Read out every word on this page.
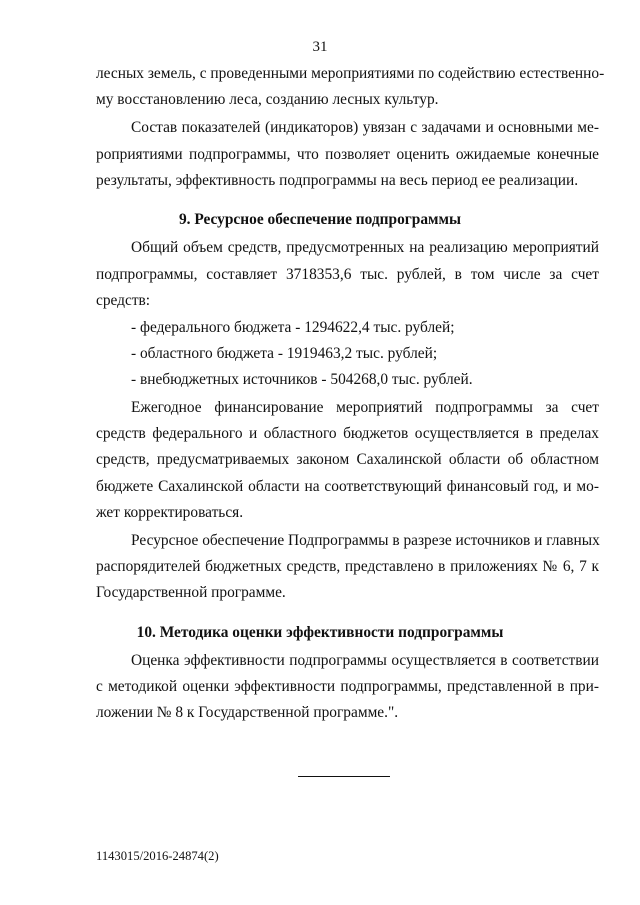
31
лесных земель, с проведенными мероприятиями по содействию естественно-
му восстановлению леса, созданию лесных культур.
Состав показателей (индикаторов) увязан с задачами и основными ме-
роприятиями подпрограммы, что позволяет оценить ожидаемые конечные
результаты, эффективность подпрограммы на весь период ее реализации.
9. Ресурсное обеспечение подпрограммы
Общий объем средств, предусмотренных на реализацию мероприятий
подпрограммы, составляет 3718353,6 тыс. рублей, в том числе за счет
средств:
- федерального бюджета - 1294622,4 тыс. рублей;
- областного бюджета - 1919463,2 тыс. рублей;
- внебюджетных источников - 504268,0 тыс. рублей.
Ежегодное финансирование мероприятий подпрограммы за счет
средств федерального и областного бюджетов осуществляется в пределах
средств, предусматриваемых законом Сахалинской области об областном
бюджете Сахалинской области на соответствующий финансовый год, и мо-
жет корректироваться.
Ресурсное обеспечение Подпрограммы в разрезе источников и главных
распорядителей бюджетных средств, представлено в приложениях № 6, 7 к
Государственной программе.
10. Методика оценки эффективности подпрограммы
Оценка эффективности подпрограммы осуществляется в соответствии
с методикой оценки эффективности подпрограммы, представленной в при-
ложении № 8 к Государственной программе.".
1143015/2016-24874(2)
